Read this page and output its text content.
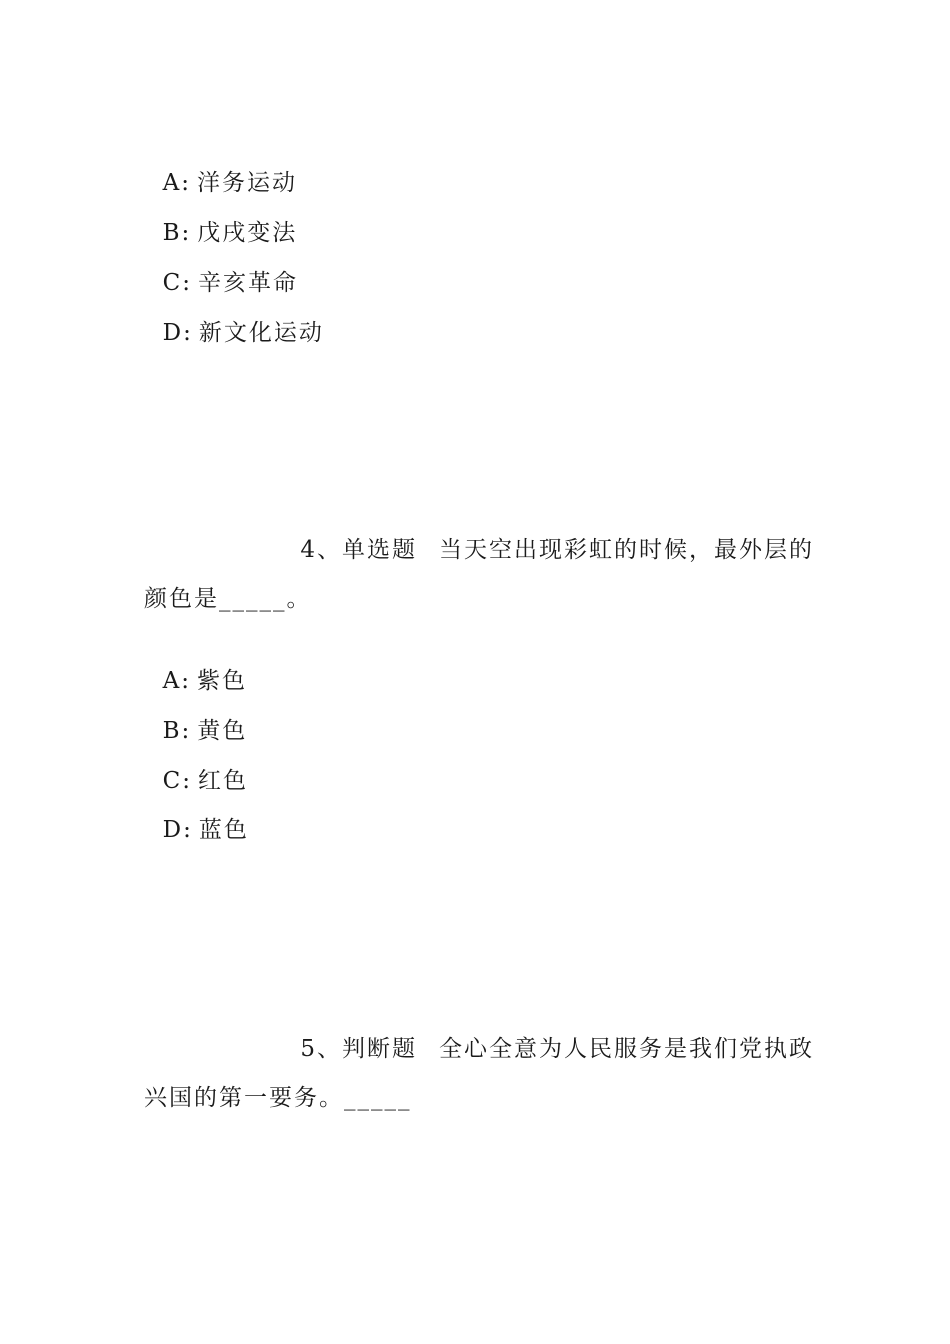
A: 洋务运动

B: 戊戌变法

C: 辛亥革命

D: 新文化运动

4、单选题 当天空出现彩虹的时候，最外层的
颜色是_____。

A: 紫色

B: 黄色

C: 红色

D: 蓝色

5、判断题 全心全意为人民服务是我们党执政
兴国的第一要务。_____
